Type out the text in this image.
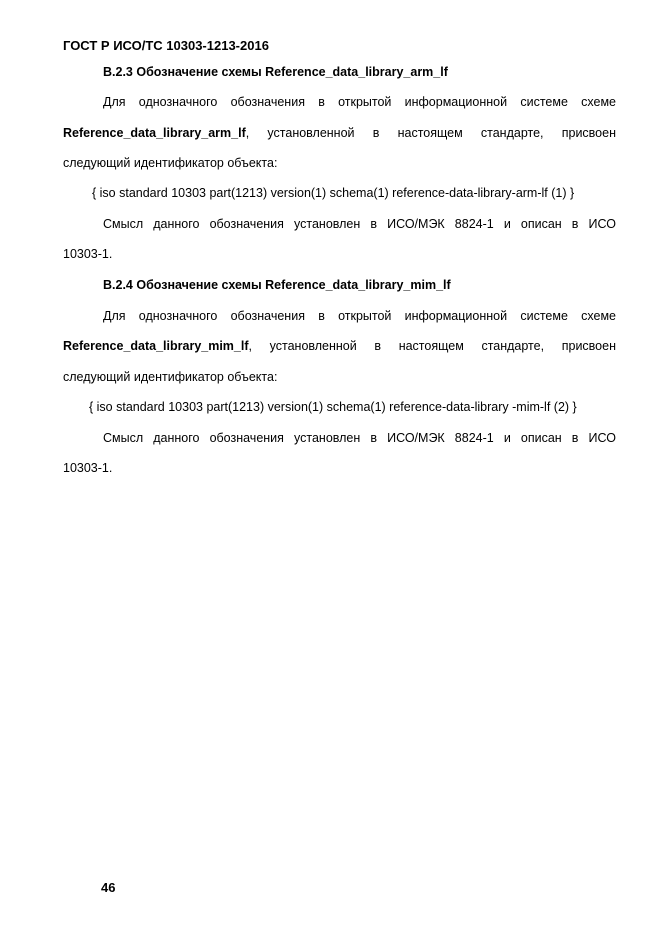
ГОСТ Р ИСО/ТС 10303-1213-2016
В.2.3 Обозначение схемы Reference_data_library_arm_lf
Для однозначного обозначения в открытой информационной системе схеме
Reference_data_library_arm_lf, установленной в настоящем стандарте, присвоен
следующий идентификатор объекта:
{ iso standard 10303 part(1213) version(1) schema(1) reference-data-library-arm-lf (1) }
Смысл данного обозначения установлен в ИСО/МЭК 8824-1 и описан в ИСО
10303-1.
В.2.4 Обозначение схемы Reference_data_library_mim_lf
Для однозначного обозначения в открытой информационной системе схеме
Reference_data_library_mim_lf, установленной в настоящем стандарте, присвоен
следующий идентификатор объекта:
{ iso standard 10303 part(1213) version(1) schema(1) reference-data-library -mim-lf (2) }
Смысл данного обозначения установлен в ИСО/МЭК 8824-1 и описан в ИСО
10303-1.
46
